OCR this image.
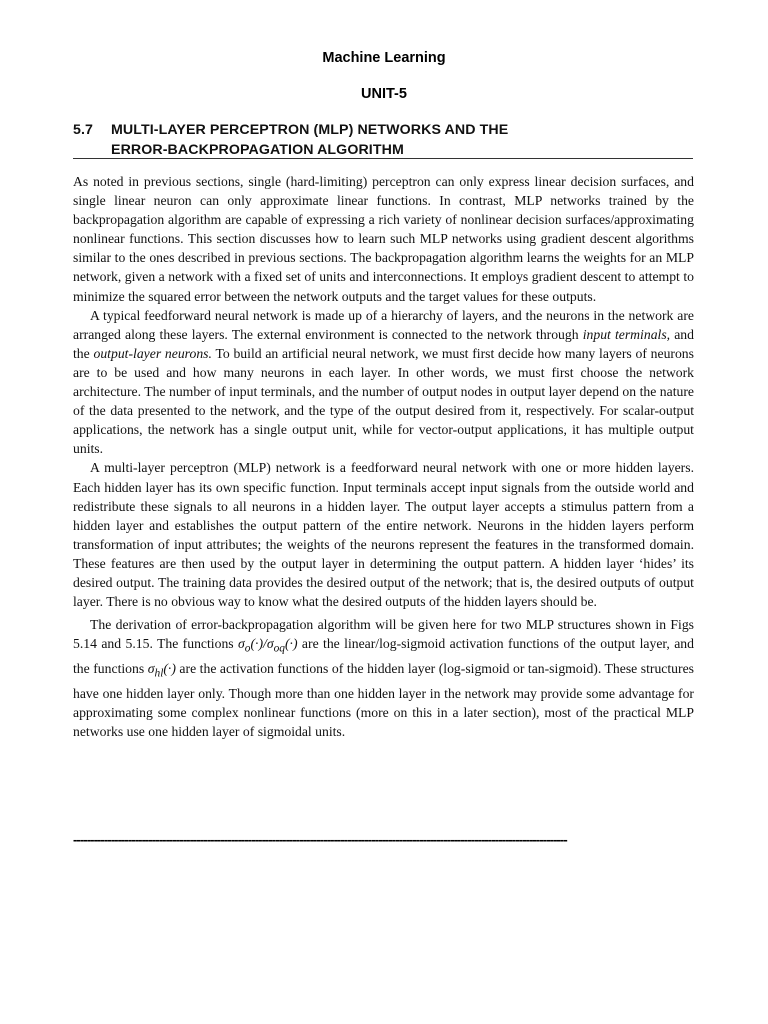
Machine Learning
UNIT-5
5.7 MULTI-LAYER PERCEPTRON (MLP) NETWORKS AND THE
ERROR-BACKPROPAGATION ALGORITHM

As noted in previous sections, single (hard-limiting) perceptron can only express linear decision surfaces, and single linear neuron can only approximate linear functions. In contrast, MLP networks trained by the backpropagation algorithm are capable of expressing a rich variety of nonlinear decision surfaces/approximating nonlinear functions. This section discusses how to learn such MLP networks using gradient descent algorithms similar to the ones described in previous sections. The backpropagation algorithm learns the weights for an MLP network, given a network with a fixed set of units and interconnections. It employs gradient descent to attempt to minimize the squared error between the network outputs and the target values for these outputs.

A typical feedforward neural network is made up of a hierarchy of layers, and the neurons in the network are arranged along these layers. The external environment is connected to the network through input terminals, and the output-layer neurons. To build an artificial neural network, we must first decide how many layers of neurons are to be used and how many neurons in each layer. In other words, we must first choose the network architecture. The number of input terminals, and the number of output nodes in output layer depend on the nature of the data presented to the network, and the type of the output desired from it, respectively. For scalar-output applications, the network has a single output unit, while for vector-output applications, it has multiple output units.

A multi-layer perceptron (MLP) network is a feedforward neural network with one or more hidden layers. Each hidden layer has its own specific function. Input terminals accept input signals from the outside world and redistribute these signals to all neurons in a hidden layer. The output layer accepts a stimulus pattern from a hidden layer and establishes the output pattern of the entire network. Neurons in the hidden layers perform transformation of input attributes; the weights of the neurons represent the features in the transformed domain. These features are then used by the output layer in determining the output pattern. A hidden layer ‘hides’ its desired output. The training data provides the desired output of the network; that is, the desired outputs of output layer. There is no obvious way to know what the desired outputs of the hidden layers should be.

The derivation of error-backpropagation algorithm will be given here for two MLP structures shown in Figs 5.14 and 5.15. The functions $\sigma_o(\cdot)/\sigma_{oq}(\cdot)$ are the linear/log-sigmoid activation functions of the output layer, and the functions $\sigma_{hl}(\cdot)$ are the activation functions of the hidden layer (log-sigmoid or tan-sigmoid). These structures have one hidden layer only. Though more than one hidden layer in the network may provide some advantage for approximating some complex nonlinear functions (more on this in a later section), most of the practical MLP networks use one hidden layer of sigmoidal units.

------------------------------------------------------------------------------------------------------------------------------------------------
